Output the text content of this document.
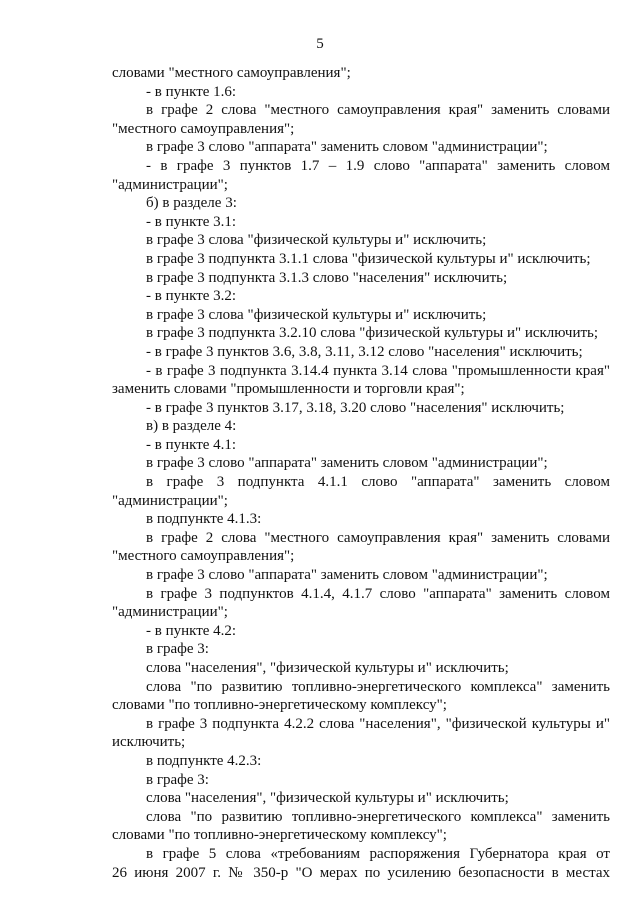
5
словами "местного самоуправления";
- в пункте 1.6:
в графе 2 слова "местного самоуправления края" заменить словами
"местного самоуправления";
в графе 3 слово "аппарата" заменить словом "администрации";
- в графе 3 пунктов 1.7 – 1.9 слово "аппарата" заменить словом
"администрации";
б) в разделе 3:
- в пункте 3.1:
в графе 3 слова "физической культуры и" исключить;
в графе 3 подпункта 3.1.1 слова "физической культуры и" исключить;
в графе 3 подпункта 3.1.3 слово "населения" исключить;
- в пункте 3.2:
в графе 3 слова "физической культуры и" исключить;
в графе 3 подпункта 3.2.10 слова "физической культуры и" исключить;
- в графе 3 пунктов 3.6, 3.8, 3.11, 3.12 слово "населения" исключить;
- в графе 3 подпункта 3.14.4 пункта 3.14 слова "промышленности края"
заменить словами "промышленности и торговли края";
- в графе 3 пунктов 3.17, 3.18, 3.20 слово "населения" исключить;
в) в разделе 4:
- в пункте 4.1:
в графе 3 слово "аппарата" заменить словом "администрации";
в графе 3 подпункта 4.1.1 слово "аппарата" заменить словом
"администрации";
в подпункте 4.1.3:
в графе 2 слова "местного самоуправления края" заменить словами
"местного самоуправления";
в графе 3 слово "аппарата" заменить словом "администрации";
в графе 3 подпунктов 4.1.4, 4.1.7 слово "аппарата" заменить словом
"администрации";
- в пункте 4.2:
в графе 3:
слова "населения", "физической культуры и" исключить;
слова "по развитию топливно-энергетического комплекса" заменить
словами "по топливно-энергетическому комплексу";
в графе 3 подпункта 4.2.2 слова "населения", "физической культуры и"
исключить;
в подпункте 4.2.3:
в графе 3:
слова "населения", "физической культуры и" исключить;
слова "по развитию топливно-энергетического комплекса" заменить
словами "по топливно-энергетическому комплексу";
в графе 5 слова «требованиям распоряжения Губернатора края от
26 июня 2007 г. № 350-р "О мерах по усилению безопасности в местах
